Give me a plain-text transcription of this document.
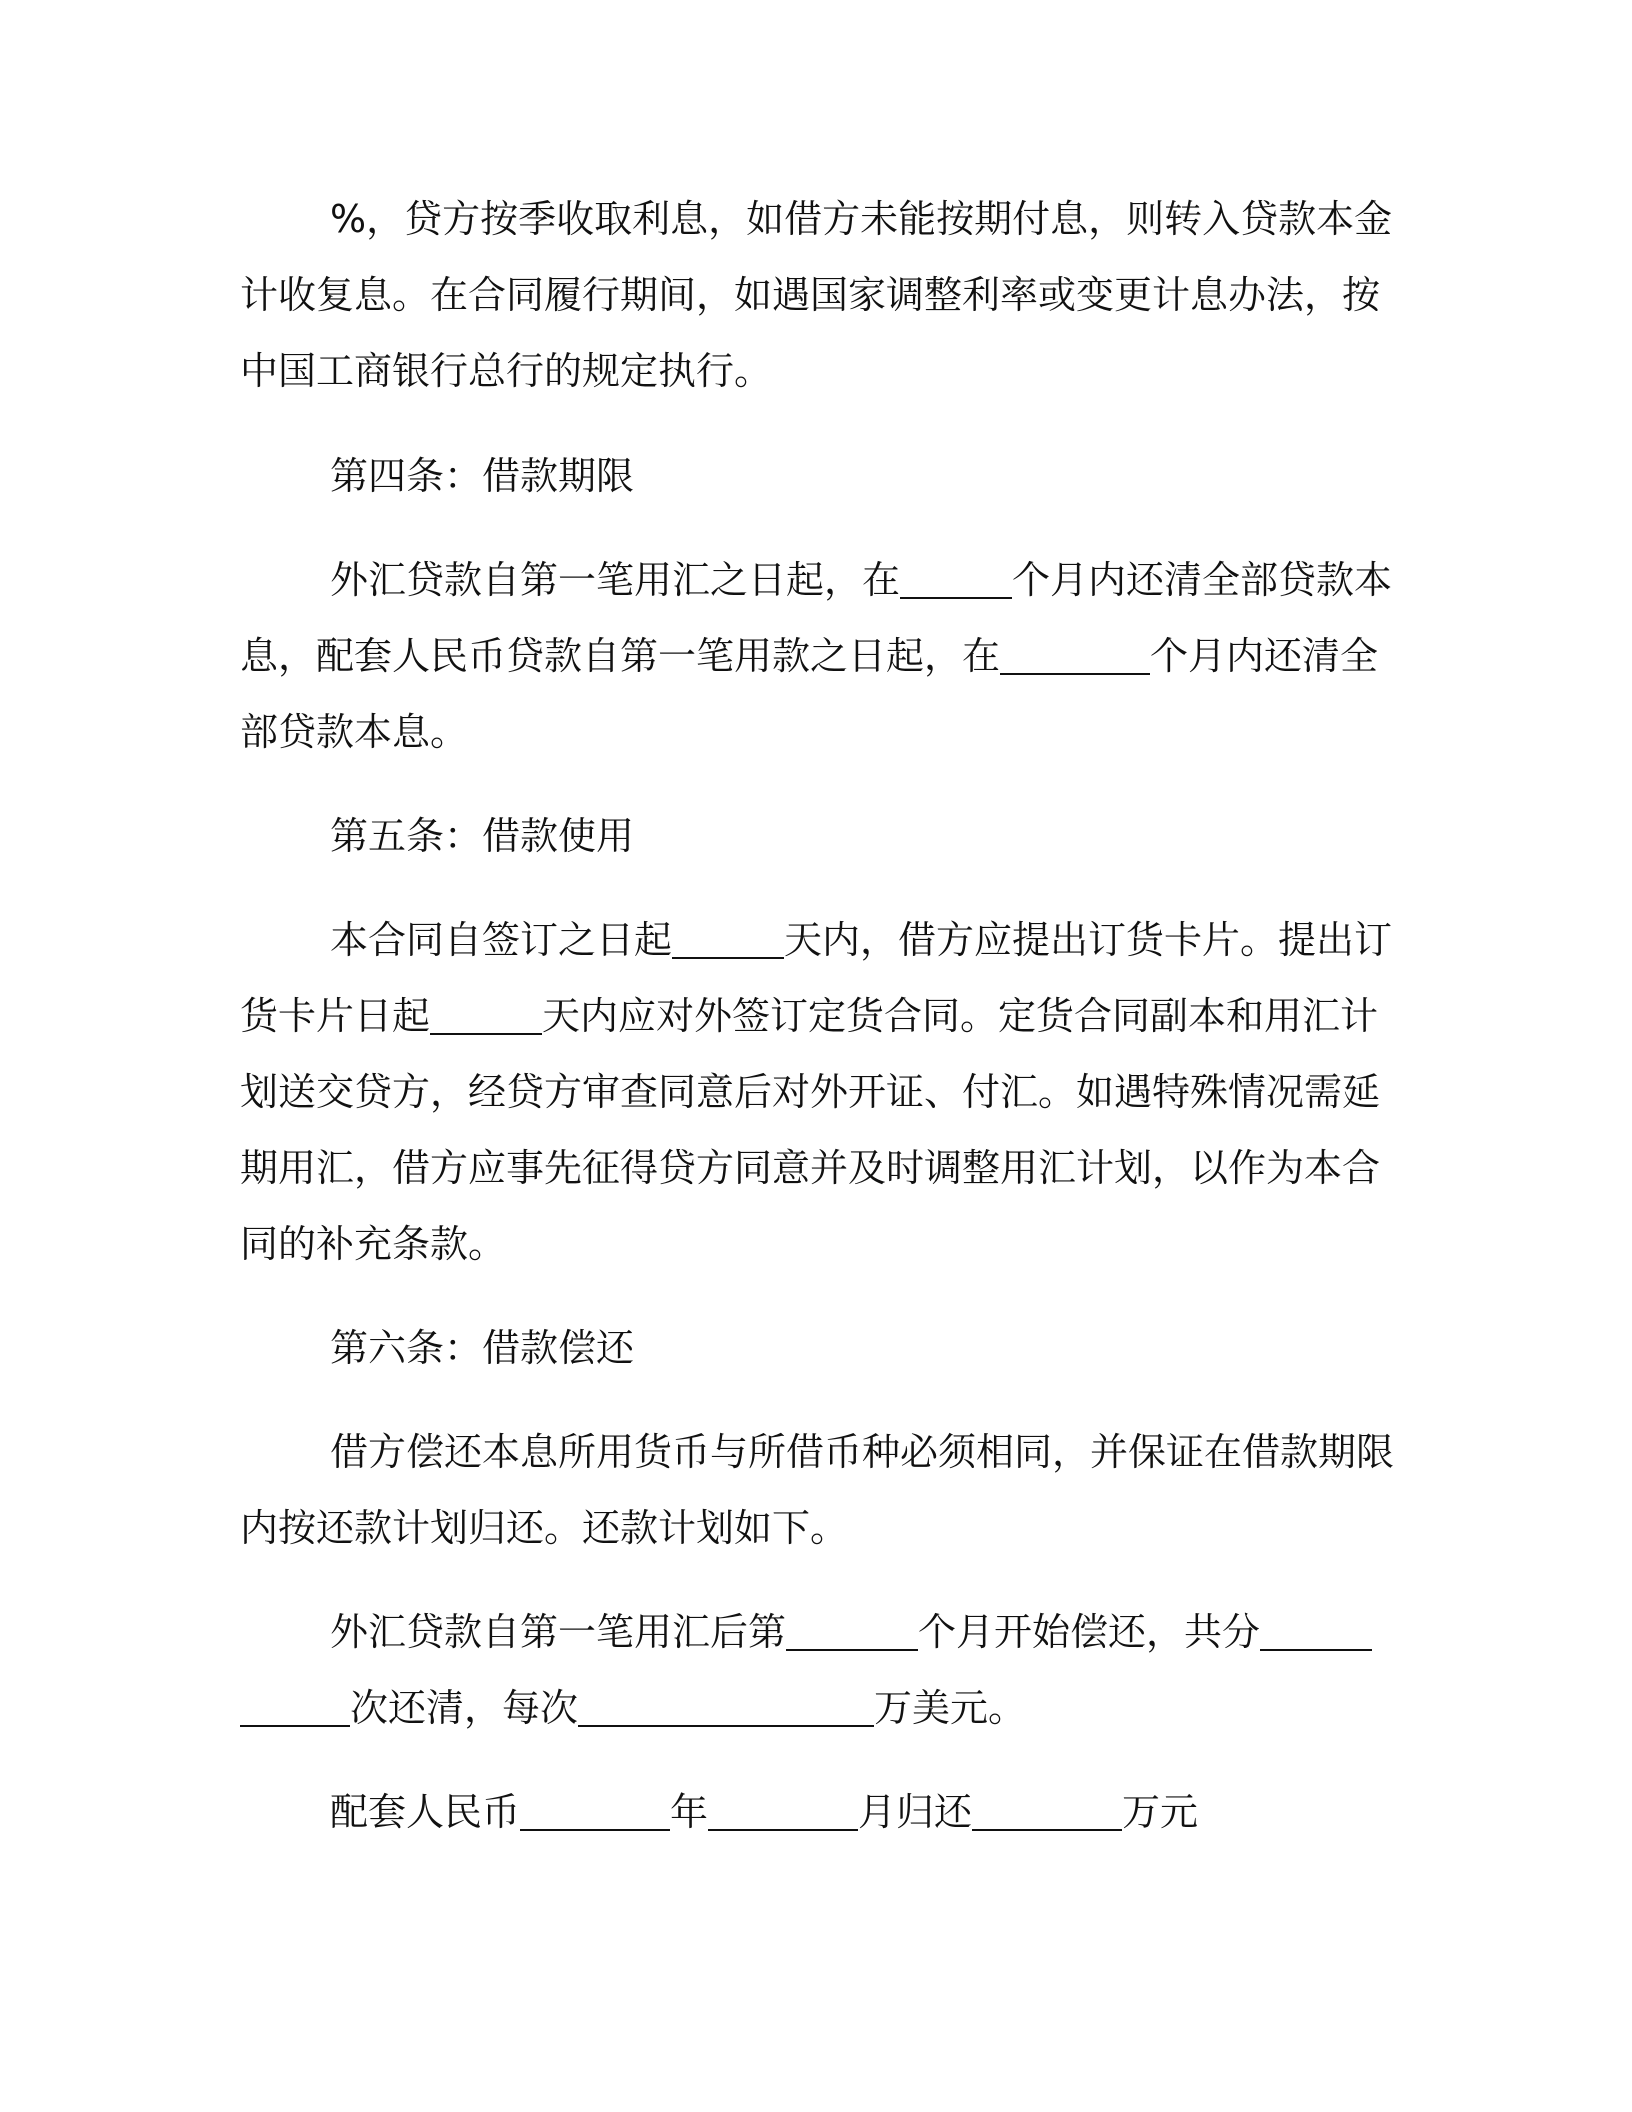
%，贷方按季收取利息，如借方未能按期付息，则转入贷款本金
计收复息。在合同履行期间，如遇国家调整利率或变更计息办法，按
中国工商银行总行的规定执行。
第四条：借款期限
外汇贷款自第一笔用汇之日起，在	个月内还清全部贷款本
息，配套人民币贷款自第一笔用款之日起，在	个月内还清全
部贷款本息。
第五条：借款使用
本合同自签订之日起	天内，借方应提出订货卡片。提出订
货卡片日起	天内应对外签订定货合同。定货合同副本和用汇计
划送交贷方，经贷方审查同意后对外开证、付汇。如遇特殊情况需延
期用汇，借方应事先征得贷方同意并及时调整用汇计划，以作为本合
同的补充条款。
第六条：借款偿还
借方偿还本息所用货币与所借币种必须相同，并保证在借款期限
内按还款计划归还。还款计划如下。
外汇贷款自第一笔用汇后第	个月开始偿还，共分
次还清，每次	万美元。
配套人民币	年	月归还	万元
